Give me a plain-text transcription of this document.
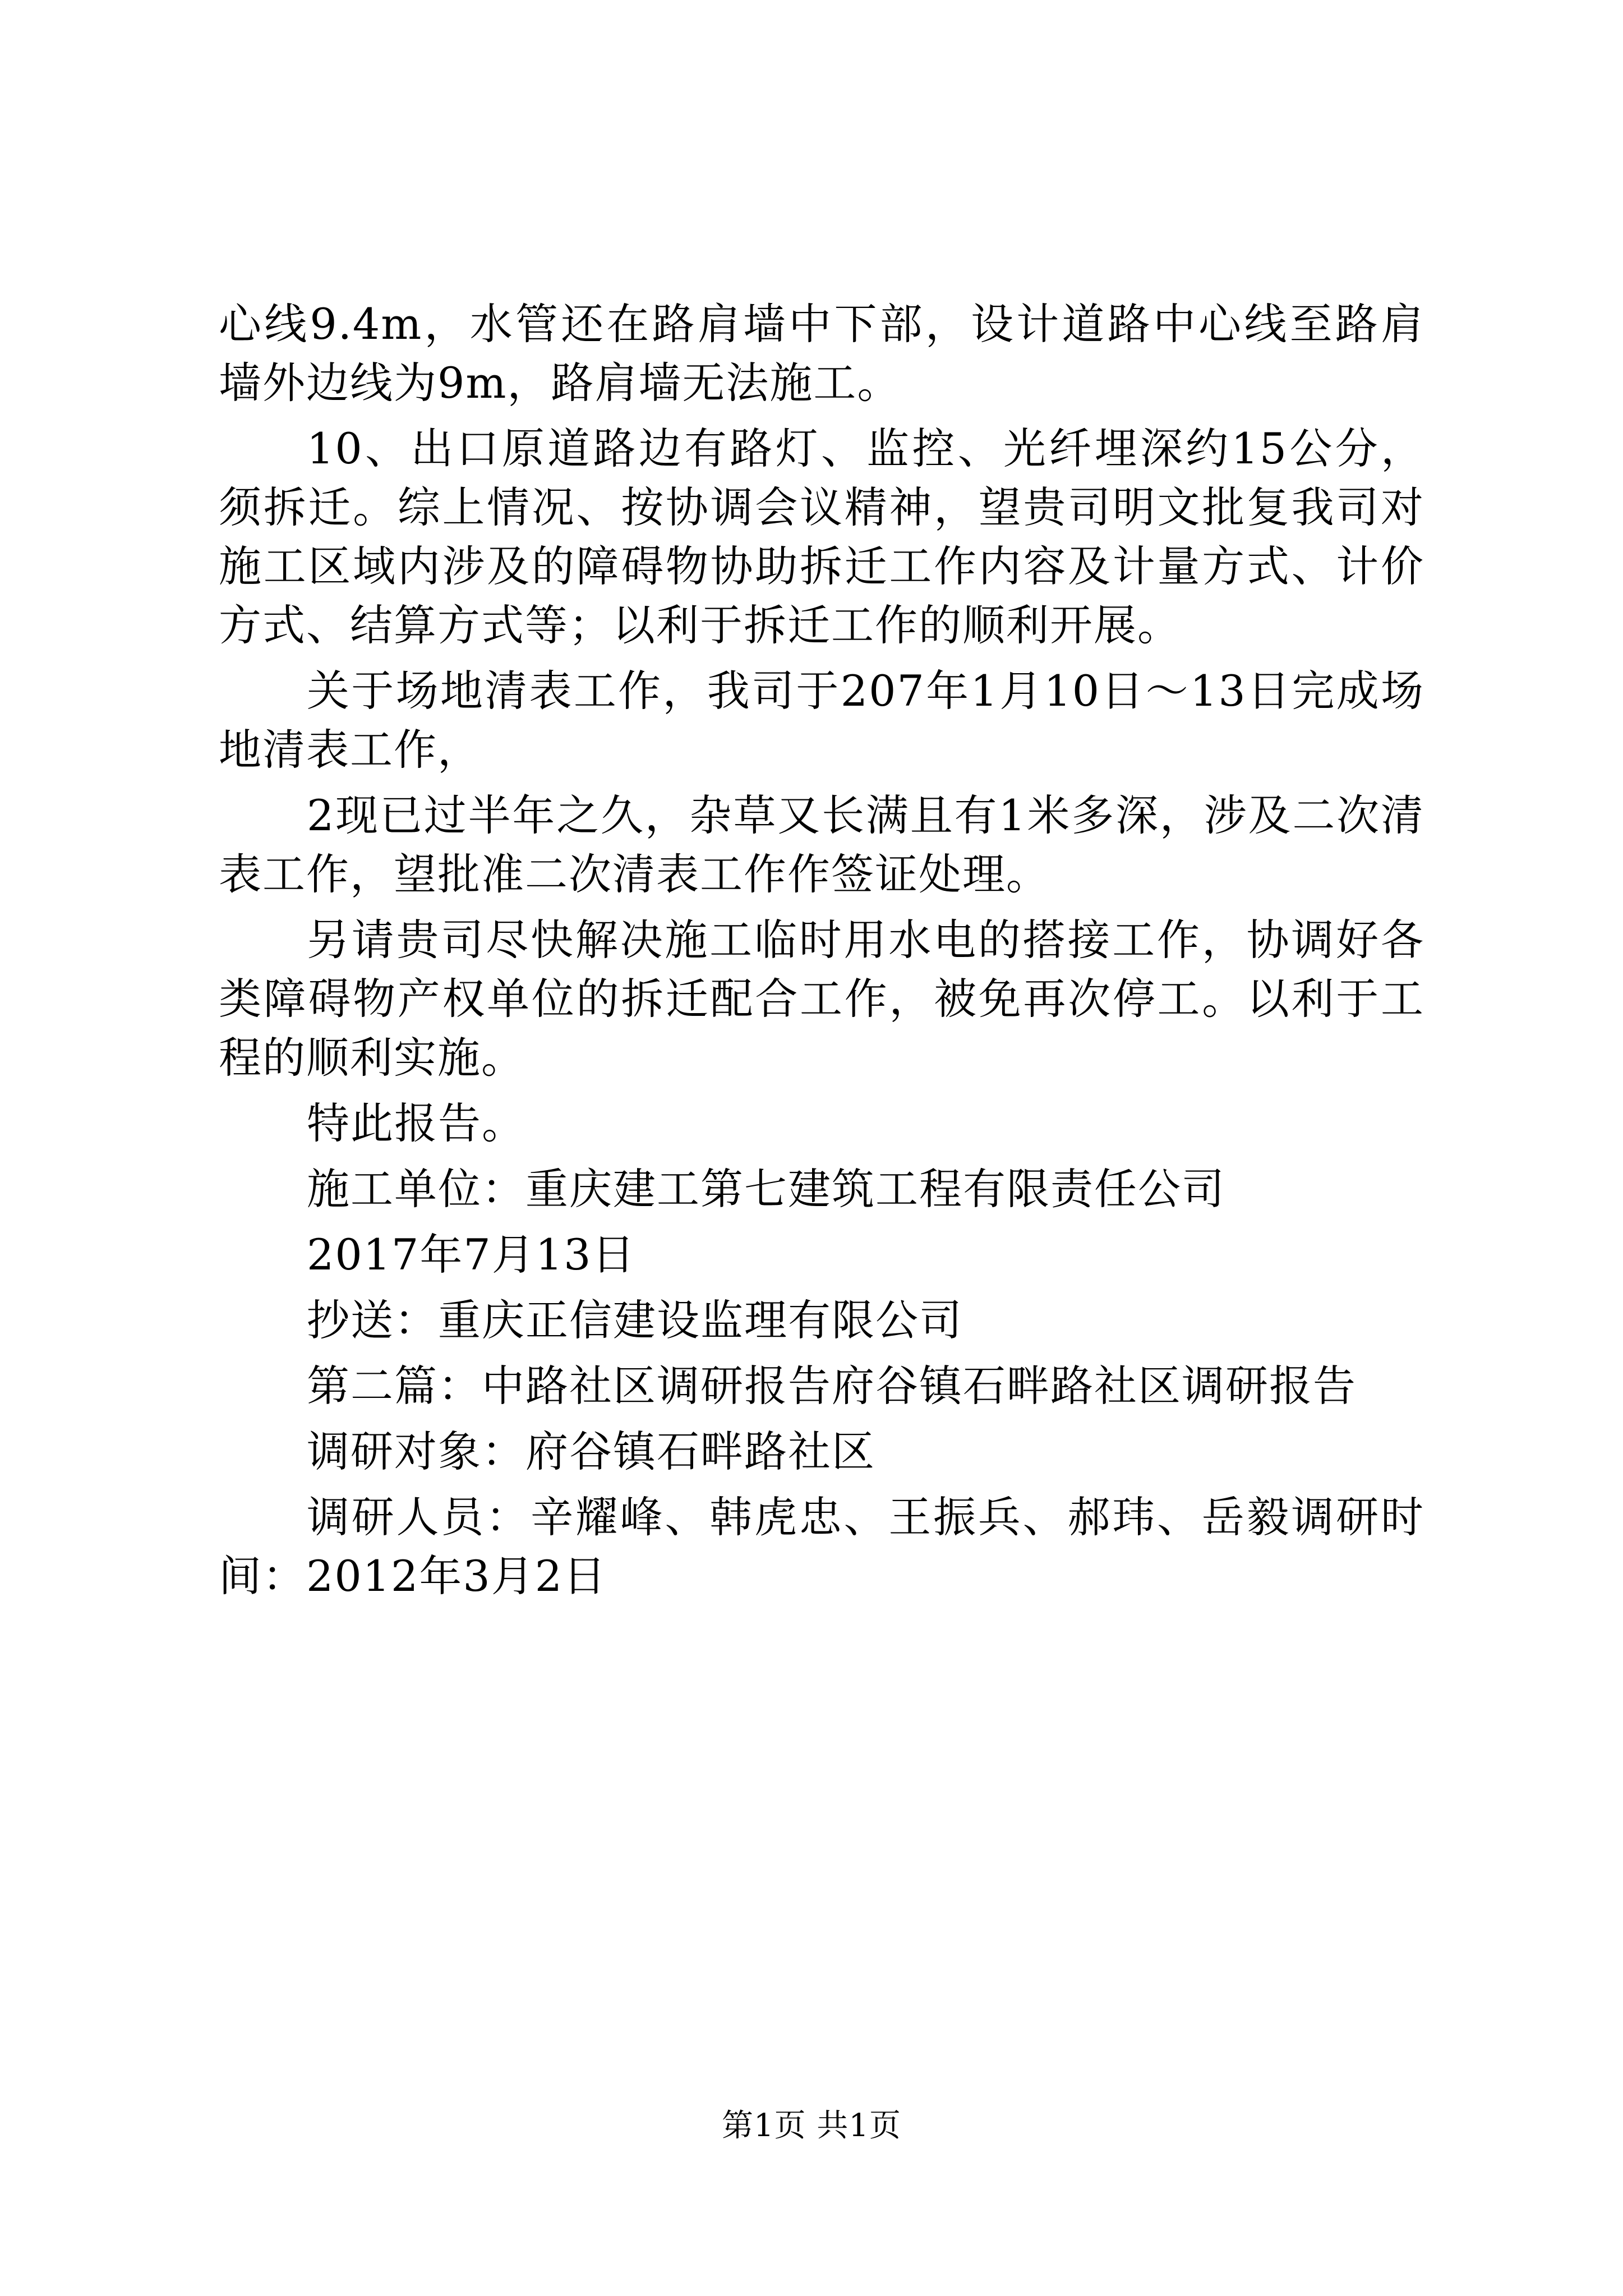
心线9.4m，水管还在路肩墙中下部，设计道路中心线至路肩墙外边线为9m，路肩墙无法施工。

10、出口原道路边有路灯、监控、光纤埋深约15公分，须拆迁。综上情况、按协调会议精神，望贵司明文批复我司对施工区域内涉及的障碍物协助拆迁工作内容及计量方式、计价方式、结算方式等；以利于拆迁工作的顺利开展。

关于场地清表工作，我司于207年1月10日～13日完成场地清表工作，

2现已过半年之久，杂草又长满且有1米多深，涉及二次清表工作，望批准二次清表工作作签证处理。

另请贵司尽快解决施工临时用水电的搭接工作，协调好各类障碍物产权单位的拆迁配合工作，被免再次停工。以利于工程的顺利实施。

特此报告。

施工单位：重庆建工第七建筑工程有限责任公司

2017年7月13日

抄送：重庆正信建设监理有限公司

第二篇：中路社区调研报告府谷镇石畔路社区调研报告

调研对象：府谷镇石畔路社区

调研人员：辛耀峰、韩虎忠、王振兵、郝玮、岳毅调研时间：2012年3月2日

第1页 共1页
